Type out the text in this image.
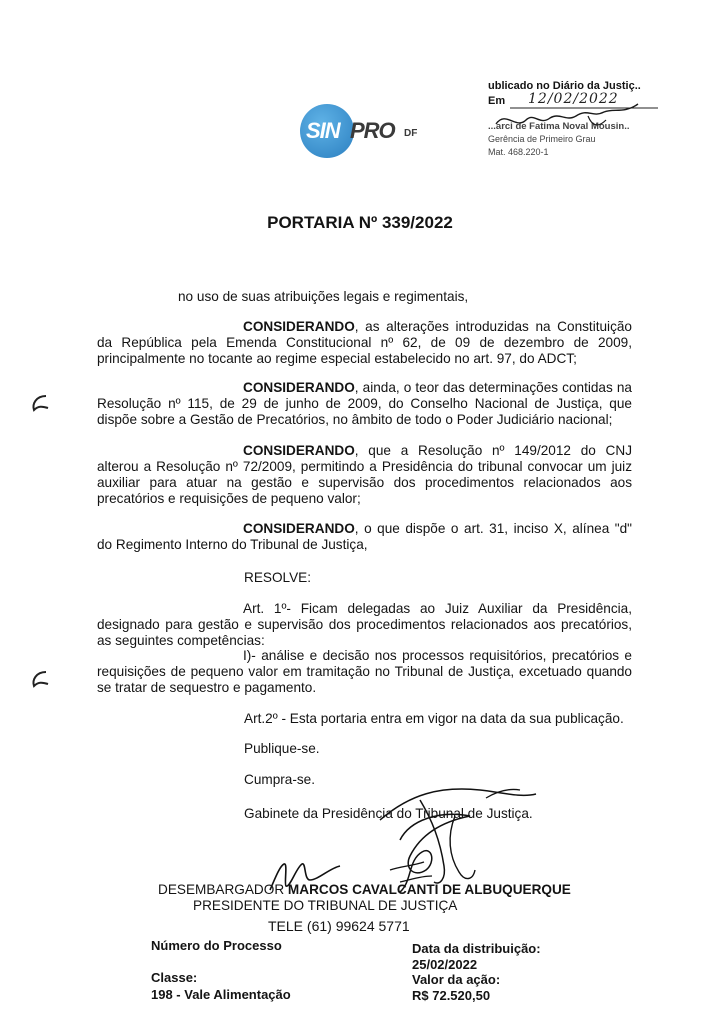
SIN PRO DF
ublicado no Diário da Justiç..
Em	12/02/2022
...arci de Fatima Noval Mousin..
Gerência de Primeiro Grau
Mat. 468.220-1
PORTARIA Nº 339/2022
no uso de suas atribuições legais e regimentais,
CONSIDERANDO, as alterações introduzidas na Constituição da República pela Emenda Constitucional nº 62, de 09 de dezembro de 2009, principalmente no tocante ao regime especial estabelecido no art. 97, do ADCT;
CONSIDERANDO, ainda, o teor das determinações contidas na Resolução nº 115, de 29 de junho de 2009, do Conselho Nacional de Justiça, que dispõe sobre a Gestão de Precatórios, no âmbito de todo o Poder Judiciário nacional;
CONSIDERANDO, que a Resolução nº 149/2012 do CNJ alterou a Resolução nº 72/2009, permitindo a Presidência do tribunal convocar um juiz auxiliar para atuar na gestão e supervisão dos procedimentos relacionados aos precatórios e requisições de pequeno valor;
CONSIDERANDO, o que dispõe o art. 31, inciso X, alínea "d" do Regimento Interno do Tribunal de Justiça,
RESOLVE:
Art. 1º- Ficam delegadas ao Juiz Auxiliar da Presidência, designado para gestão e supervisão dos procedimentos relacionados aos precatórios, as seguintes competências:
I)- análise e decisão nos processos requisitórios, precatórios e requisições de pequeno valor em tramitação no Tribunal de Justiça, excetuado quando se tratar de sequestro e pagamento.
Art.2º - Esta portaria entra em vigor na data da sua publicação.
Publique-se.
Cumpra-se.
Gabinete da Presidência do Tribunal de Justiça.
DESEMBARGADOR MARCOS CAVALCANTI DE ALBUQUERQUE
PRESIDENTE DO TRIBUNAL DE JUSTIÇA
TELE (61) 99624 5771
Número do Processo
Classe:
198 - Vale Alimentação
Data da distribuição:
25/02/2022
Valor da ação:
R$ 72.520,50
